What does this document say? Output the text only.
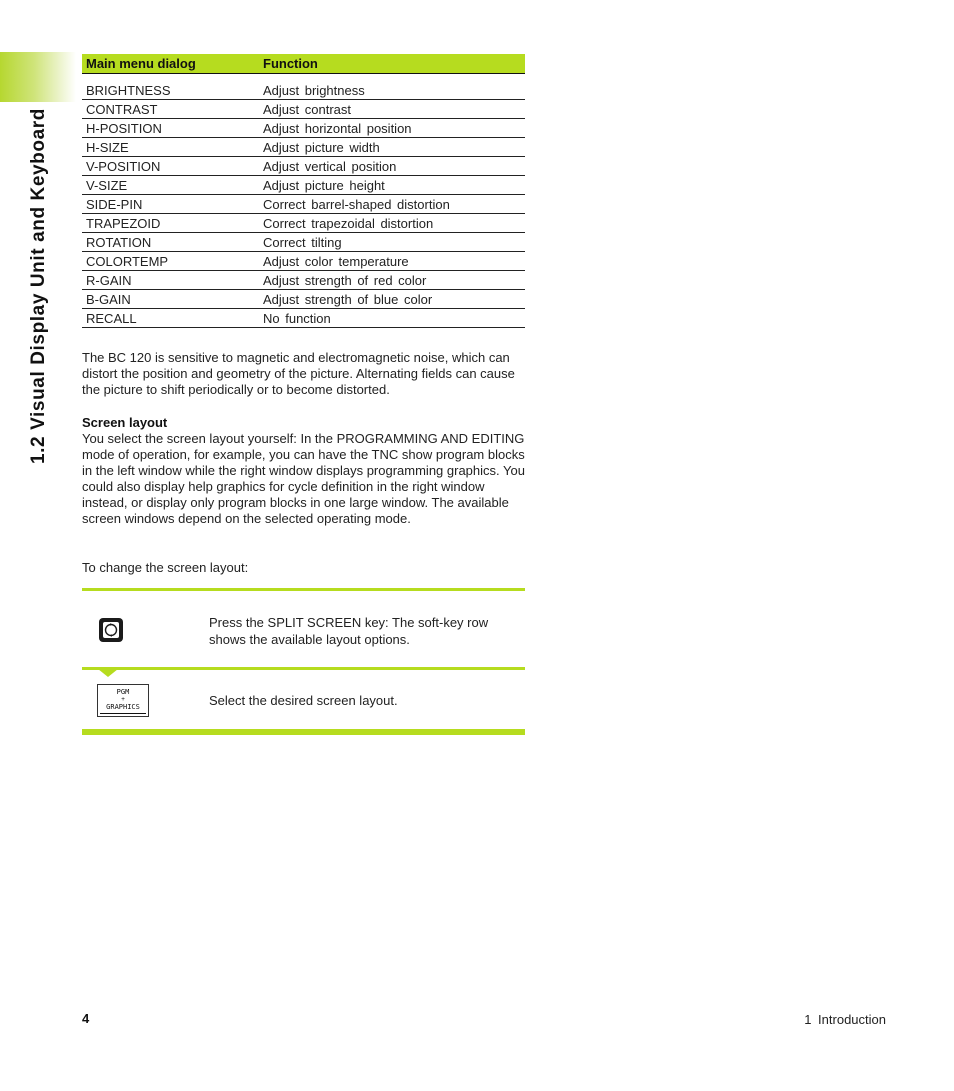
1.2 Visual Display Unit and Keyboard
Main menu dialog	Function
BRIGHTNESS	Adjust brightness
CONTRAST	Adjust contrast
H-POSITION	Adjust horizontal position
H-SIZE	Adjust picture width
V-POSITION	Adjust vertical position
V-SIZE	Adjust picture height
SIDE-PIN	Correct barrel-shaped distortion
TRAPEZOID	Correct trapezoidal distortion
ROTATION	Correct tilting
COLORTEMP	Adjust color temperature
R-GAIN	Adjust strength of red color
B-GAIN	Adjust strength of blue color
RECALL	No function
The BC 120 is sensitive to magnetic and electromagnetic noise, which can distort the position and geometry of the picture. Alternating fields can cause the picture to shift periodically or to become distorted.
Screen layout
You select the screen layout yourself: In the PROGRAMMING AND EDITING mode of operation, for example, you can have the TNC show program blocks in the left window while the right window displays programming graphics. You could also display help graphics for cycle definition in the right window instead, or display only program blocks in one large window. The available screen windows depend on the selected operating mode.
To change the screen layout:
Press the SPLIT SCREEN key: The soft-key row shows the available layout options.
PGM
+
GRAPHICS	Select the desired screen layout.
4	1 Introduction
